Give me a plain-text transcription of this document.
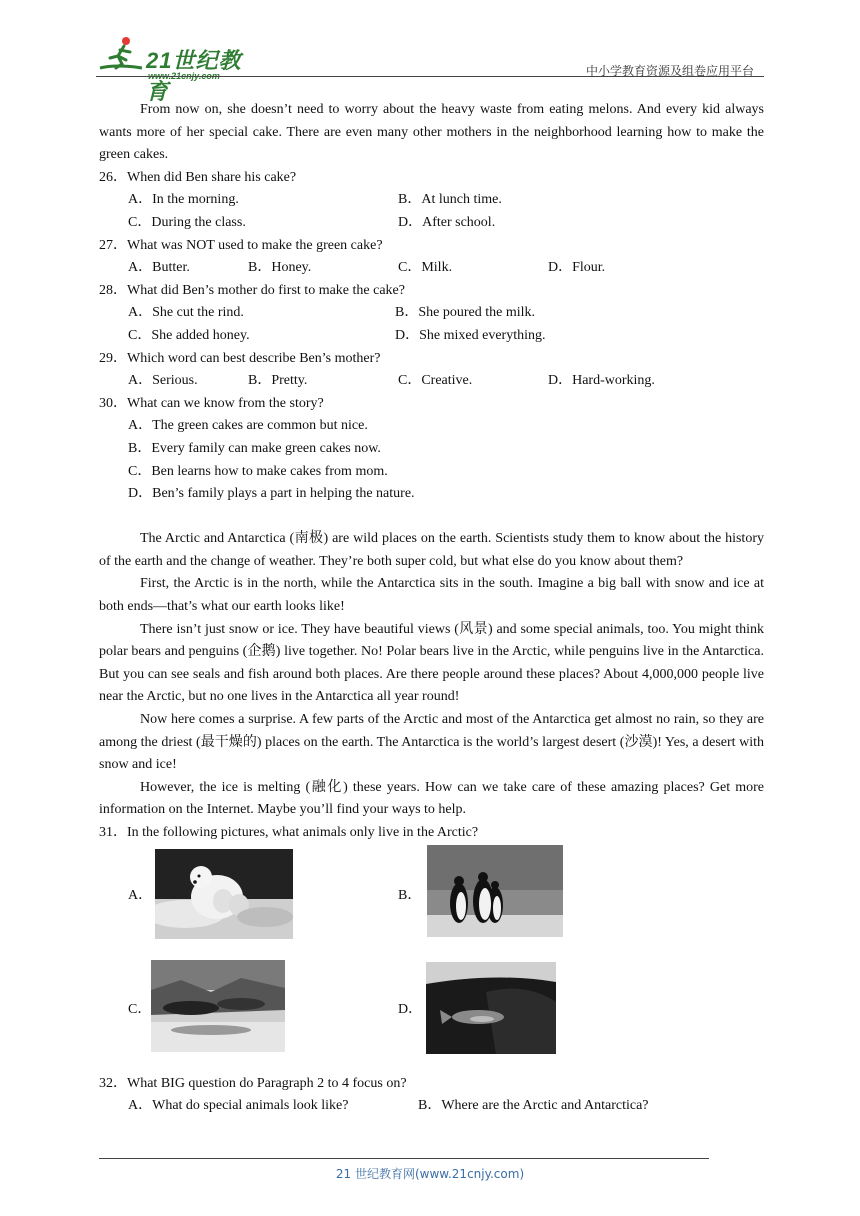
21世纪教育
www.21cnjy.com	中小学教育资源及组卷应用平台

From now on, she doesn’t need to worry about the heavy waste from eating melons. And every kid always wants more of her special cake. There are even many other mothers in the neighborhood learning how to make the green cakes.

26．When did Ben share his cake?

A．In the morning.	B．At lunch time.
C．During the class.	D．After school.

27．What was NOT used to make the green cake?

A．Butter.	B．Honey.	C．Milk.	D．Flour.

28．What did Ben’s mother do first to make the cake?

A．She cut the rind.	B．She poured the milk.
C．She added honey.	D．She mixed everything.

29．Which word can best describe Ben’s mother?

A．Serious.	B．Pretty.	C．Creative.	D．Hard-working.

30．What can we know from the story?

A．The green cakes are common but nice.

B．Every family can make green cakes now.

C．Ben learns how to make cakes from mom.

D．Ben’s family plays a part in helping the nature.

The Arctic and Antarctica (南极) are wild places on the earth. Scientists study them to know about the history of the earth and the change of weather. They’re both super cold, but what else do you know about them?

First, the Arctic is in the north, while the Antarctica sits in the south. Imagine a big ball with snow and ice at both ends—that’s what our earth looks like!

There isn’t just snow or ice. They have beautiful views (风景) and some special animals, too. You might think polar bears and penguins (企鹅) live together. No! Polar bears live in the Arctic, while penguins live in the Antarctica. But you can see seals and fish around both places. Are there people around these places? About 4,000,000 people live near the Arctic, but no one lives in the Antarctica all year round!

Now here comes a surprise. A few parts of the Arctic and most of the Antarctica get almost no rain, so they are among the driest (最干燥的) places on the earth. The Antarctica is the world’s largest desert (沙漠)! Yes, a desert with snow and ice!

However, the ice is melting (融化) these years. How can we take care of these amazing places? Get more information on the Internet. Maybe you’ll find your ways to help.

31．In the following pictures, what animals only live in the Arctic?

A．	B．
C．	D．

32．What BIG question do Paragraph 2 to 4 focus on?

A．What do special animals look like?	B．Where are the Arctic and Antarctica?
21 世纪教育网(www.21cnjy.com)
